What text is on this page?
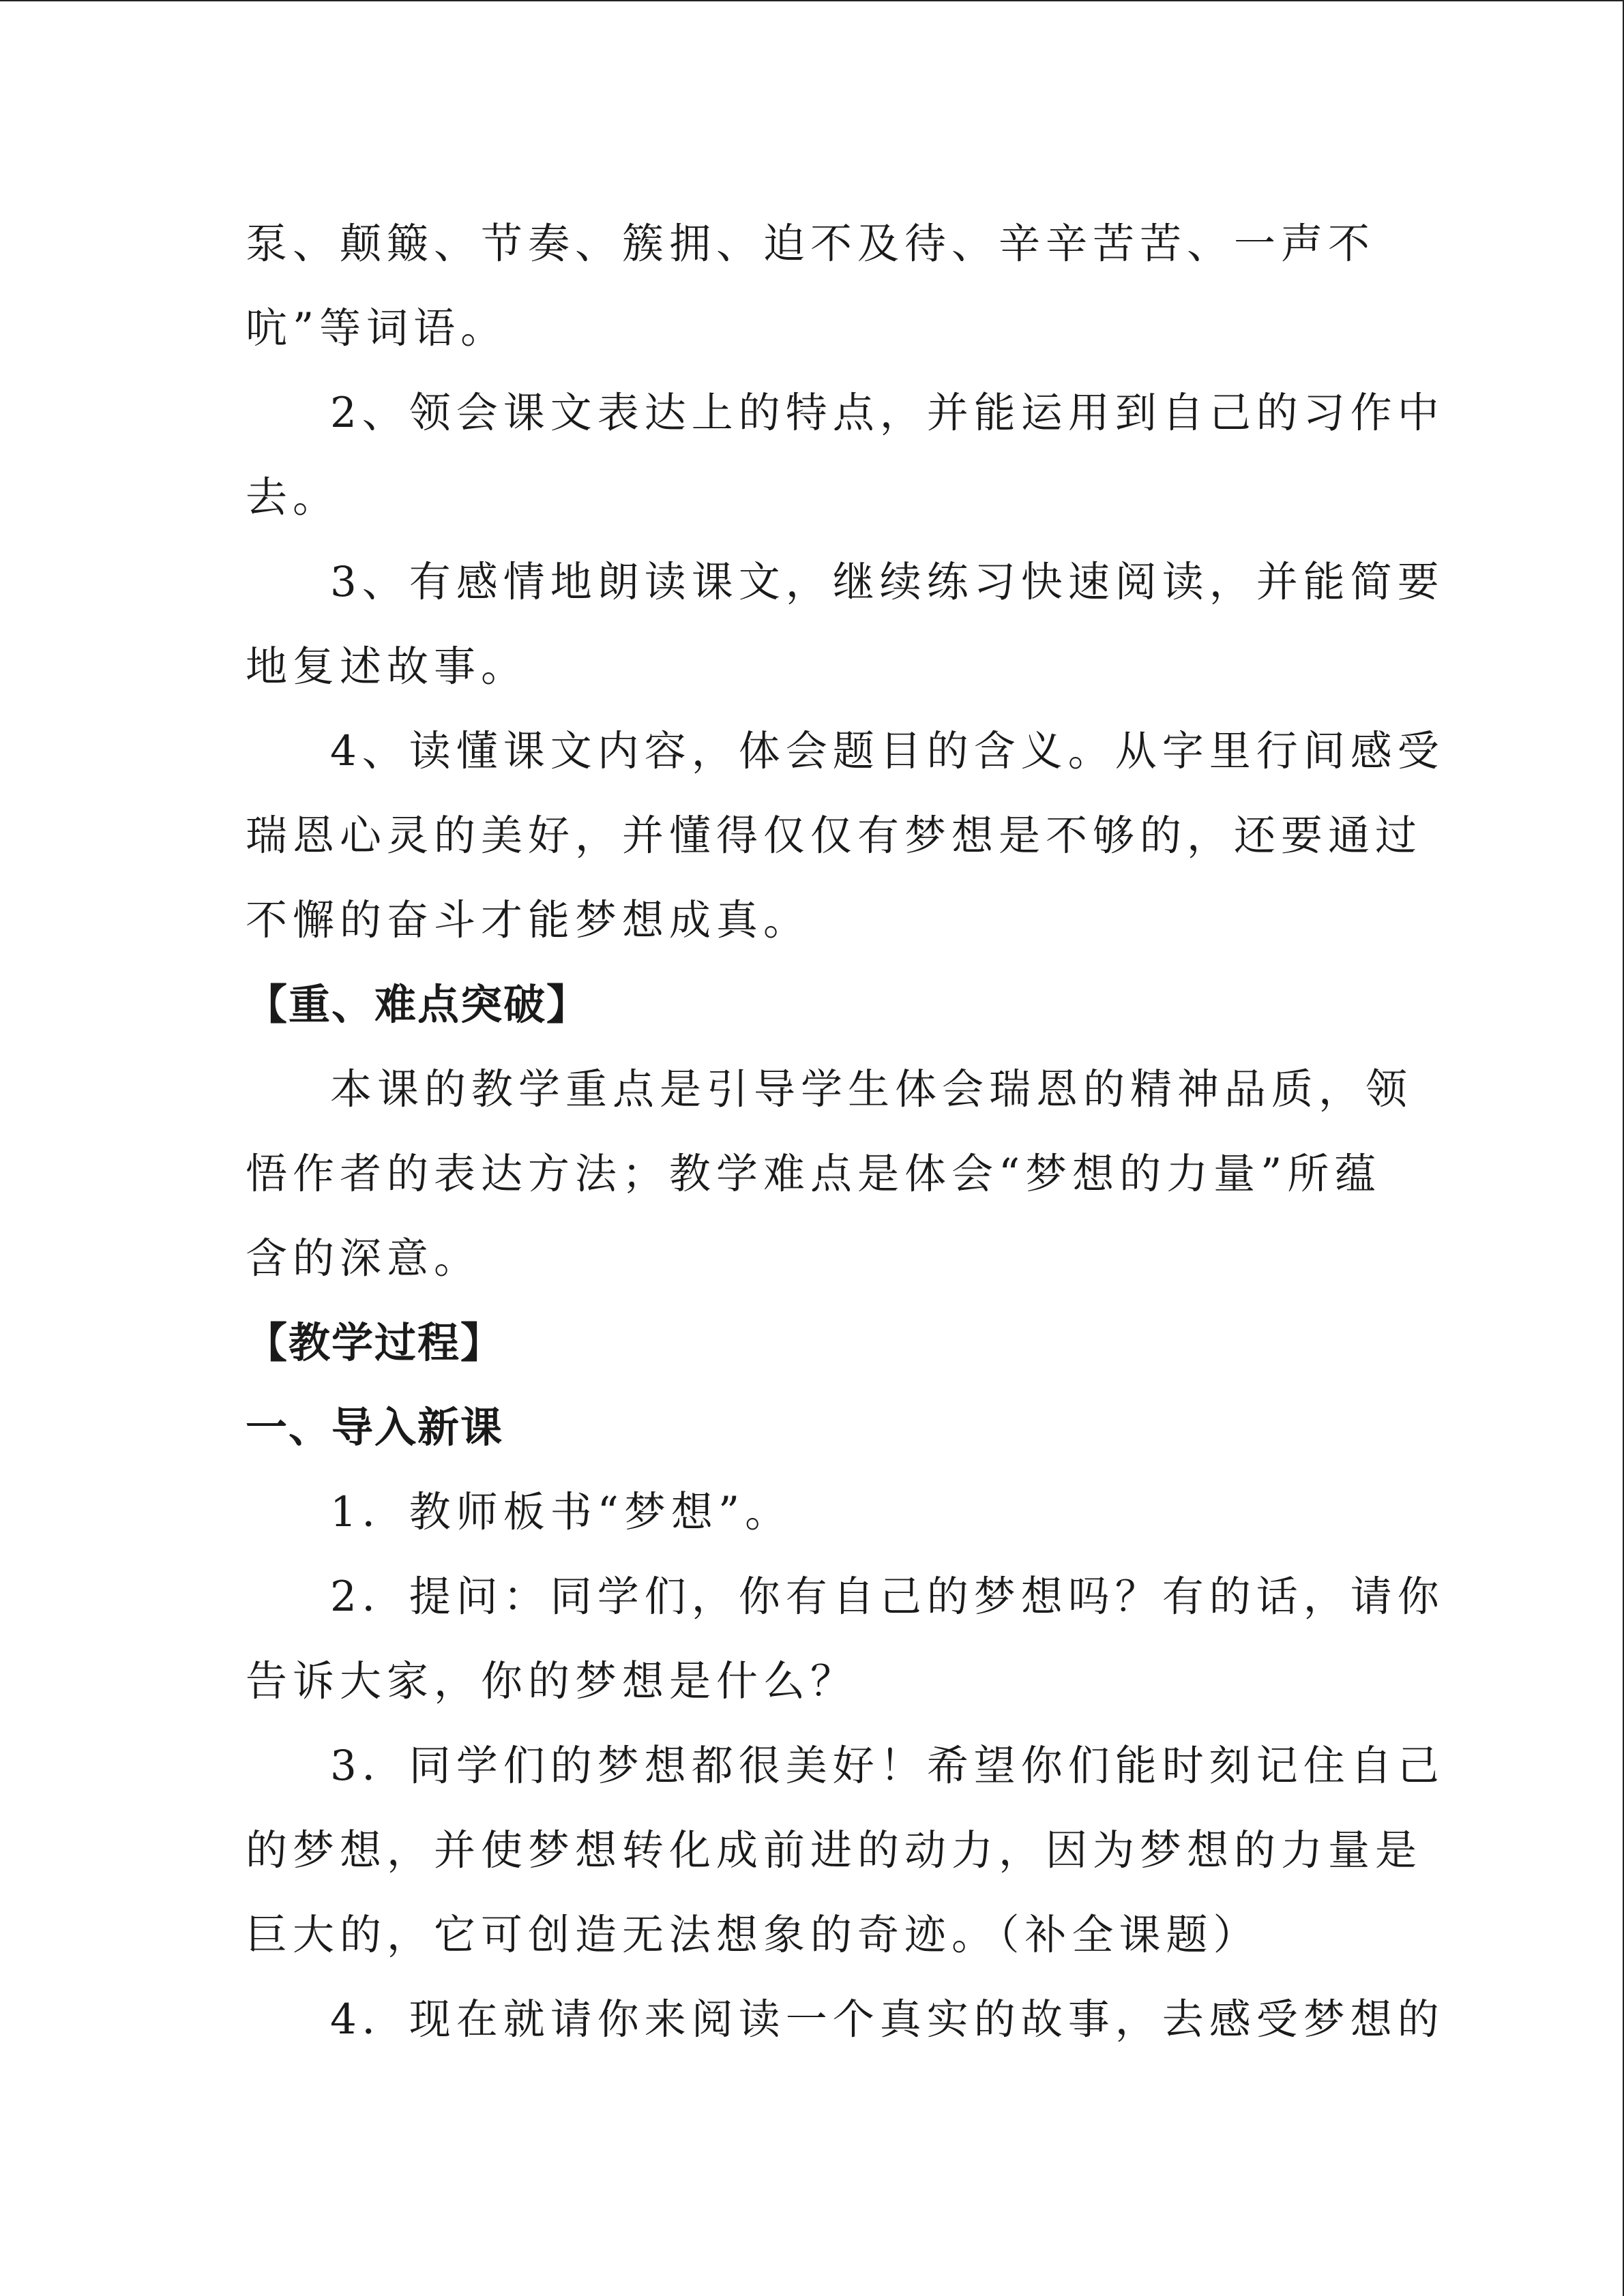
泵、颠簸、节奏、簇拥、迫不及待、辛辛苦苦、一声不
吭”等词语。
2、领会课文表达上的特点，并能运用到自己的习作中
去。
3、有感情地朗读课文，继续练习快速阅读，并能简要
地复述故事。
4、读懂课文内容，体会题目的含义。从字里行间感受
瑞恩心灵的美好，并懂得仅仅有梦想是不够的，还要通过
不懈的奋斗才能梦想成真。
【重、难点突破】
本课的教学重点是引导学生体会瑞恩的精神品质，领
悟作者的表达方法；教学难点是体会“梦想的力量”所蕴
含的深意。
【教学过程】
一、导入新课
1．教师板书“梦想”。
2．提问：同学们，你有自己的梦想吗？有的话，请你
告诉大家，你的梦想是什么？
3．同学们的梦想都很美好！希望你们能时刻记住自己
的梦想，并使梦想转化成前进的动力，因为梦想的力量是
巨大的，它可创造无法想象的奇迹。（补全课题）
4．现在就请你来阅读一个真实的故事，去感受梦想的
